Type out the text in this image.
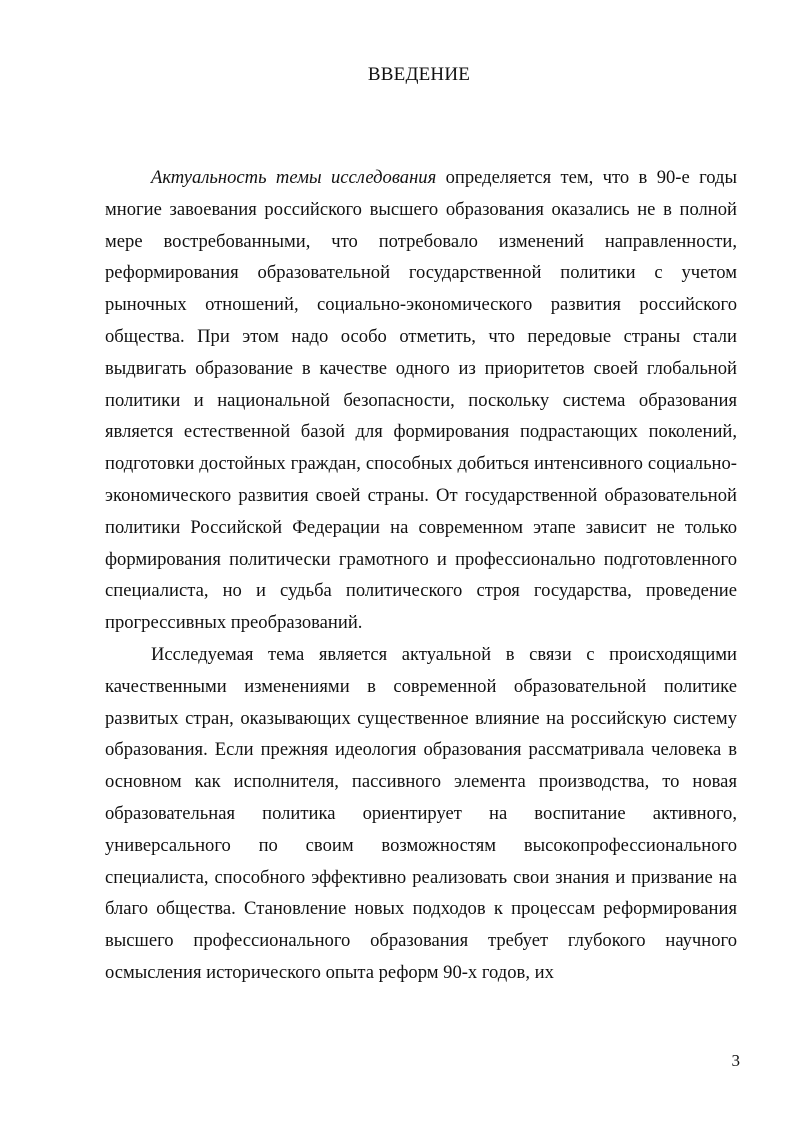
ВВЕДЕНИЕ

Актуальность темы исследования определяется тем, что в 90-е годы многие завоевания российского высшего образования оказались не в полной мере востребованными, что потребовало изменений направленности, реформирования образовательной государственной политики с учетом рыночных отношений, социально-экономического развития российского общества. При этом надо особо отметить, что передовые страны стали выдвигать образование в качестве одного из приоритетов своей глобальной политики и национальной безопасности, поскольку система образования является естественной базой для формирования подрастающих поколений, подготовки достойных граждан, способных добиться интенсивного социально- экономического развития своей страны. От государственной образовательной политики Российской Федерации на современном этапе зависит не только формирования политически грамотного и профессионально подготовленного специалиста, но и судьба политического строя государства, проведение прогрессивных преобразований.

Исследуемая тема является актуальной в связи с происходящими качественными изменениями в современной образовательной политике развитых стран, оказывающих существенное влияние на российскую систему образования. Если прежняя идеология образования рассматривала человека в основном как исполнителя, пассивного элемента производства, то новая образовательная политика ориентирует на воспитание активного, универсального по своим возможностям высокопрофессионального специалиста, способного эффективно реализовать свои знания и призвание на благо общества. Становление новых подходов к процессам реформирования высшего профессионального образования требует глубокого научного осмысления исторического опыта реформ 90-х годов, их

3
